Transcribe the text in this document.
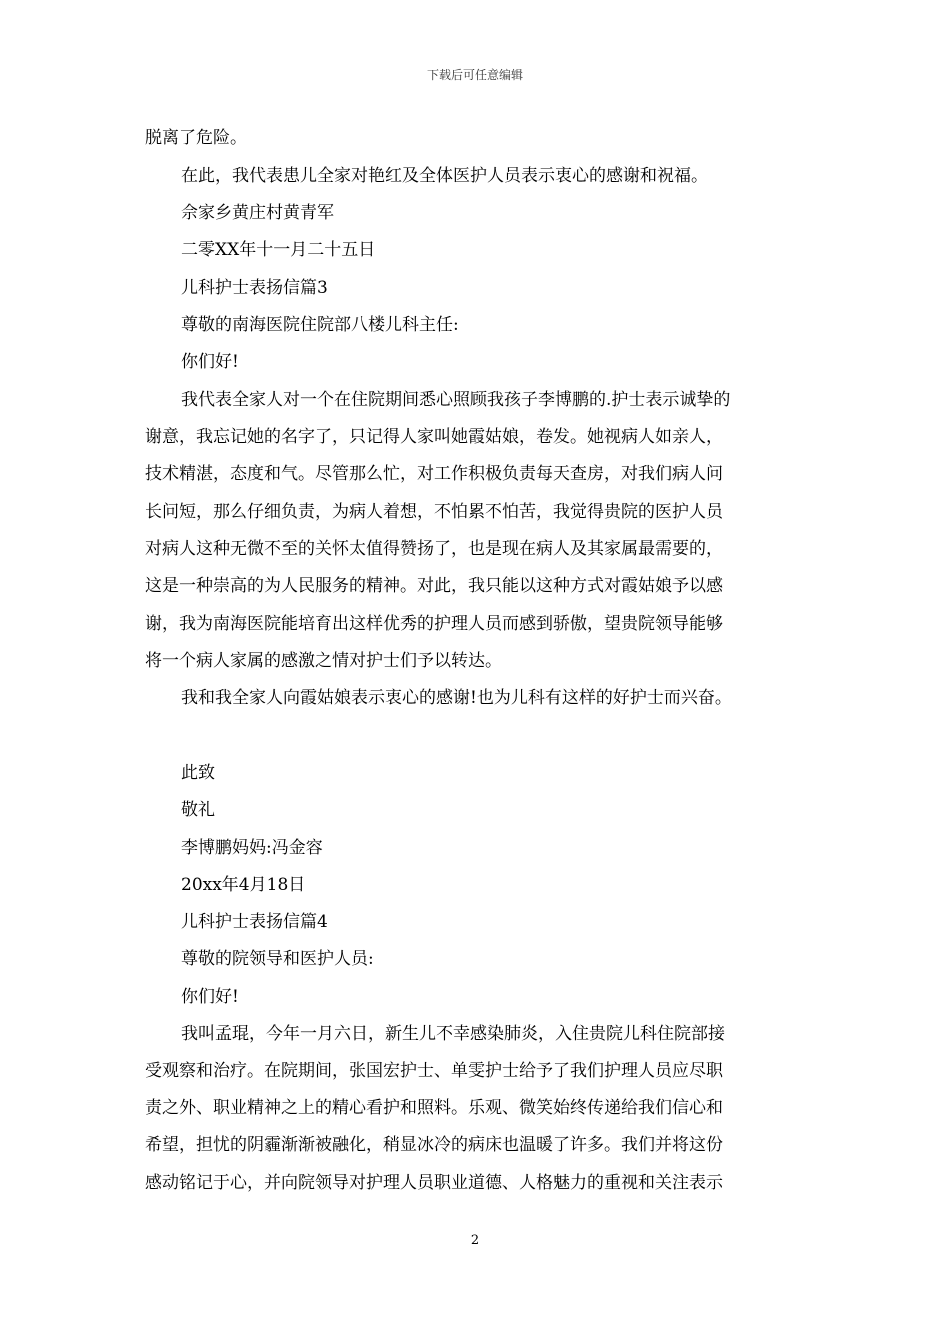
下载后可任意编辑
脱离了危险。
在此，我代表患儿全家对艳红及全体医护人员表示衷心的感谢和祝福。
佘家乡黄庄村黄青军
二零XX年十一月二十五日
儿科护士表扬信篇3
尊敬的南海医院住院部八楼儿科主任:
你们好!
我代表全家人对一个在住院期间悉心照顾我孩子李博鹏的.护士表示诚挚的
谢意，我忘记她的名字了，只记得人家叫她霞姑娘，卷发。她视病人如亲人，
技术精湛，态度和气。尽管那么忙，对工作积极负责每天查房，对我们病人问
长问短，那么仔细负责，为病人着想，不怕累不怕苦，我觉得贵院的医护人员
对病人这种无微不至的关怀太值得赞扬了，也是现在病人及其家属最需要的，
这是一种崇高的为人民服务的精神。对此，我只能以这种方式对霞姑娘予以感
谢，我为南海医院能培育出这样优秀的护理人员而感到骄傲，望贵院领导能够
将一个病人家属的感激之情对护士们予以转达。
我和我全家人向霞姑娘表示衷心的感谢!也为儿科有这样的好护士而兴奋。
此致
敬礼
李博鹏妈妈:冯金容
20xx年4月18日
儿科护士表扬信篇4
尊敬的院领导和医护人员:
你们好!
我叫孟琨，今年一月六日，新生儿不幸感染肺炎，入住贵院儿科住院部接
受观察和治疗。在院期间，张国宏护士、单雯护士给予了我们护理人员应尽职
责之外、职业精神之上的精心看护和照料。乐观、微笑始终传递给我们信心和
希望，担忧的阴霾渐渐被融化，稍显冰冷的病床也温暖了许多。我们并将这份
感动铭记于心，并向院领导对护理人员职业道德、人格魅力的重视和关注表示
2
